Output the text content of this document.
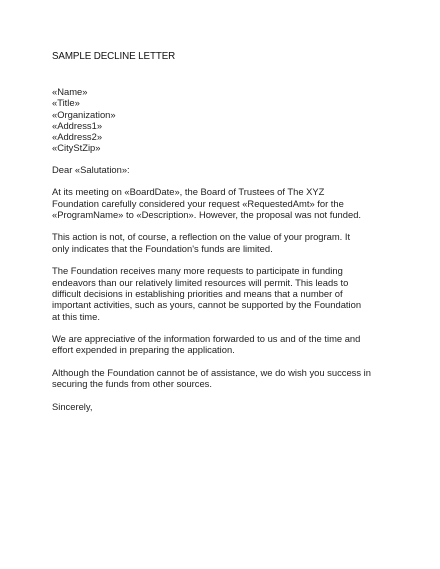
SAMPLE DECLINE LETTER
«Name»
«Title»
«Organization»
«Address1»
«Address2»
«CityStZip»
Dear «Salutation»:
At its meeting on «BoardDate», the Board of Trustees of The XYZ
Foundation carefully considered your request «RequestedAmt» for the
«ProgramName» to «Description». However, the proposal was not funded.
This action is not, of course, a reflection on the value of your program. It
only indicates that the Foundation's funds are limited.
The Foundation receives many more requests to participate in funding
endeavors than our relatively limited resources will permit. This leads to
difficult decisions in establishing priorities and means that a number of
important activities, such as yours, cannot be supported by the Foundation
at this time.
We are appreciative of the information forwarded to us and of the time and
effort expended in preparing the application.
Although the Foundation cannot be of assistance, we do wish you success in
securing the funds from other sources.
Sincerely,
